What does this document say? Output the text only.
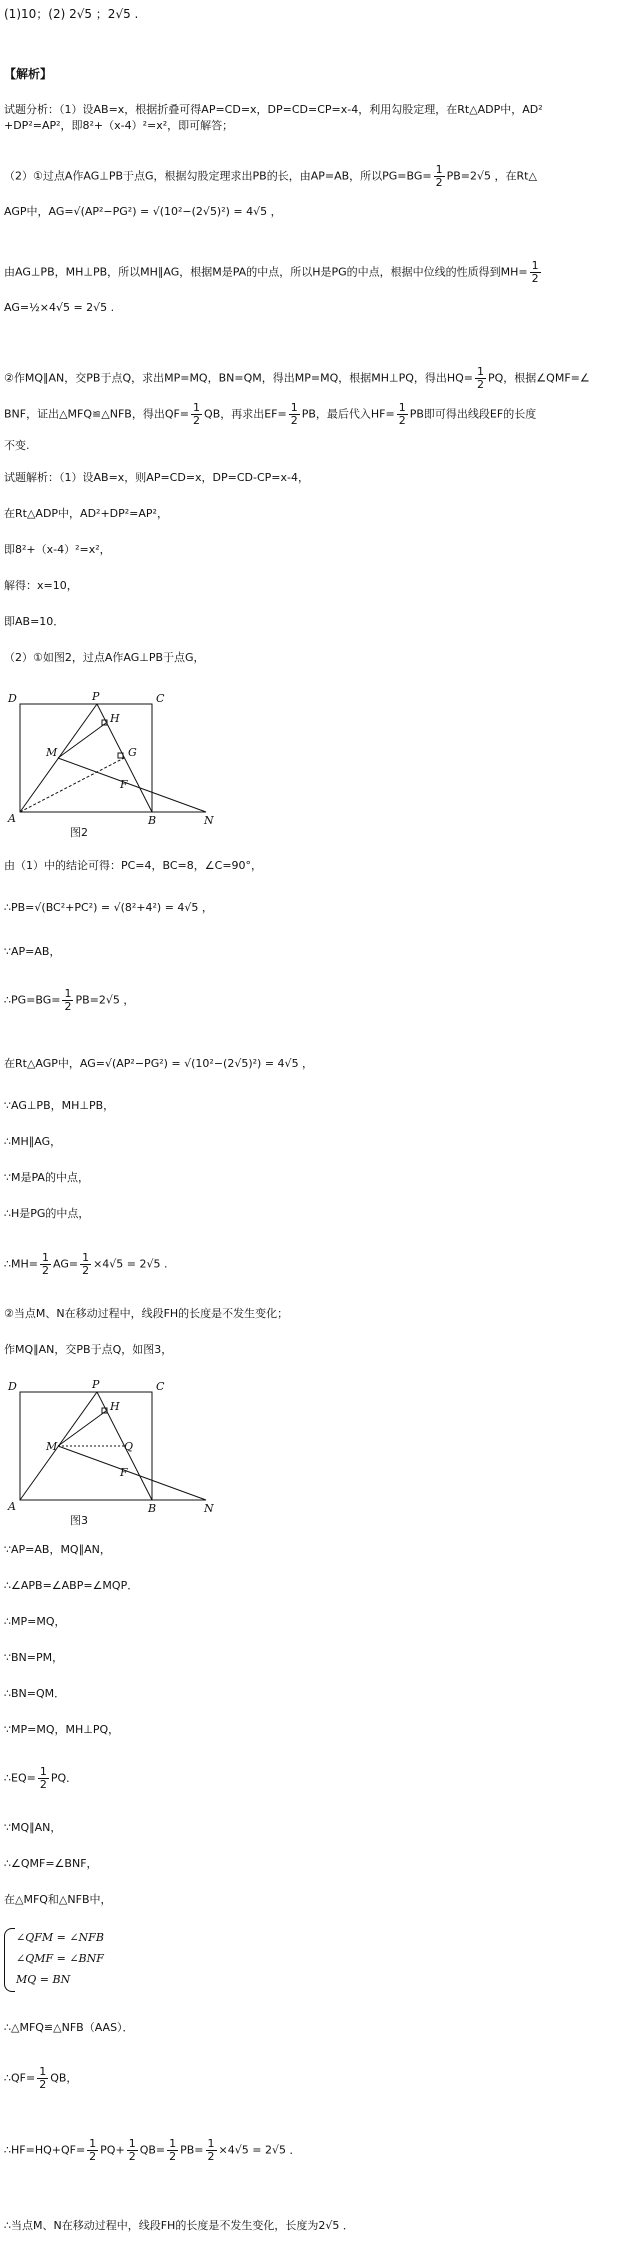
(1)10；(2) 2√5 ；2√5 .
【解析】
试题分析：（1）设AB=x，根据折叠可得AP=CD=x，DP=CD=CP=x-4，利用勾股定理，在Rt△ADP中，AD²
+DP²=AP²，即8²+（x-4）²=x²，即可解答；
（2）①过点A作AG⊥PB于点G，根据勾股定理求出PB的长，由AP=AB，所以$PG=BG= \frac{1}{2} PB=2√5$ ，在Rt△
AGP中，AG=√(AP²−PG²) = √(10²−(2√5)²) = 4√5 ，
由AG⊥PB，MH⊥PB，所以MH∥AG，根据M是PA的中点，所以H是PG的中点，根据中位线的性质得到$MH= \frac{1}{2}$
AG=½×4√5 = 2√5 .
②作MQ∥AN，交PB于点Q，求出MP=MQ，BN=QM，得出MP=MQ，根据MH⊥PQ，得出$HQ= \frac{1}{2}$ PQ，根据∠QMF=∠
BNF，证出△MFQ≌△NFB，得出$QF= \frac{1}{2}$ QB，再求出$EF= \frac{1}{2}$ PB，最后代入$HF= \frac{1}{2}$ PB即可得出线段EF的长度
不变.
试题解析：（1）设AB=x，则AP=CD=x，DP=CD-CP=x-4，
在Rt△ADP中，AD²+DP²=AP²，
即8²+（x-4）²=x²，
解得：x=10，
即AB=10．
（2）①如图2，过点A作AG⊥PB于点G，
D	P	C
H
M	G
F
A	B	N
图2
由（1）中的结论可得：PC=4，BC=8，∠C=90°，
∴PB=√(BC²+PC²) = √(8²+4²) = 4√5 ，
∵AP=AB，
∴PG=BG= $\frac{1}{2} PB=2√5$ ，
在Rt△AGP中，AG=√(AP²−PG²) = √(10²−(2√5)²) = 4√5 ，
∵AG⊥PB，MH⊥PB，
∴MH∥AG，
∵M是PA的中点，
∴H是PG的中点，
∴MH= $\frac{1}{2} AG= \frac{1}{2} \times 4√5 = 2√5$ .
②当点M、N在移动过程中，线段FH的长度是不发生变化；
作MQ∥AN，交PB于点Q，如图3，
D	P	C
H
M	Q
F
A	B	N
图3
∵AP=AB，MQ∥AN，
∴∠APB=∠ABP=∠MQP．
∴MP=MQ，
∵BN=PM，
∴BN=QM．
∵MP=MQ，MH⊥PQ，
∴EQ= $\frac{1}{2}$ PQ．
∵MQ∥AN，
∴∠QMF=∠BNF，
在△MFQ和△NFB中，
∠QFM = ∠NFB
∠QMF = ∠BNF
MQ = BN
∴△MFQ≌△NFB（AAS）．
∴QF= $\frac{1}{2}$ QB，
∴HF=HQ+QF= $\frac{1}{2} PQ+ \frac{1}{2} QB= \frac{1}{2} PB= \frac{1}{2} \times 4√5 = 2√5$ ．
∴当点M、N在移动过程中，线段FH的长度是不发生变化，长度为2√5 ．
